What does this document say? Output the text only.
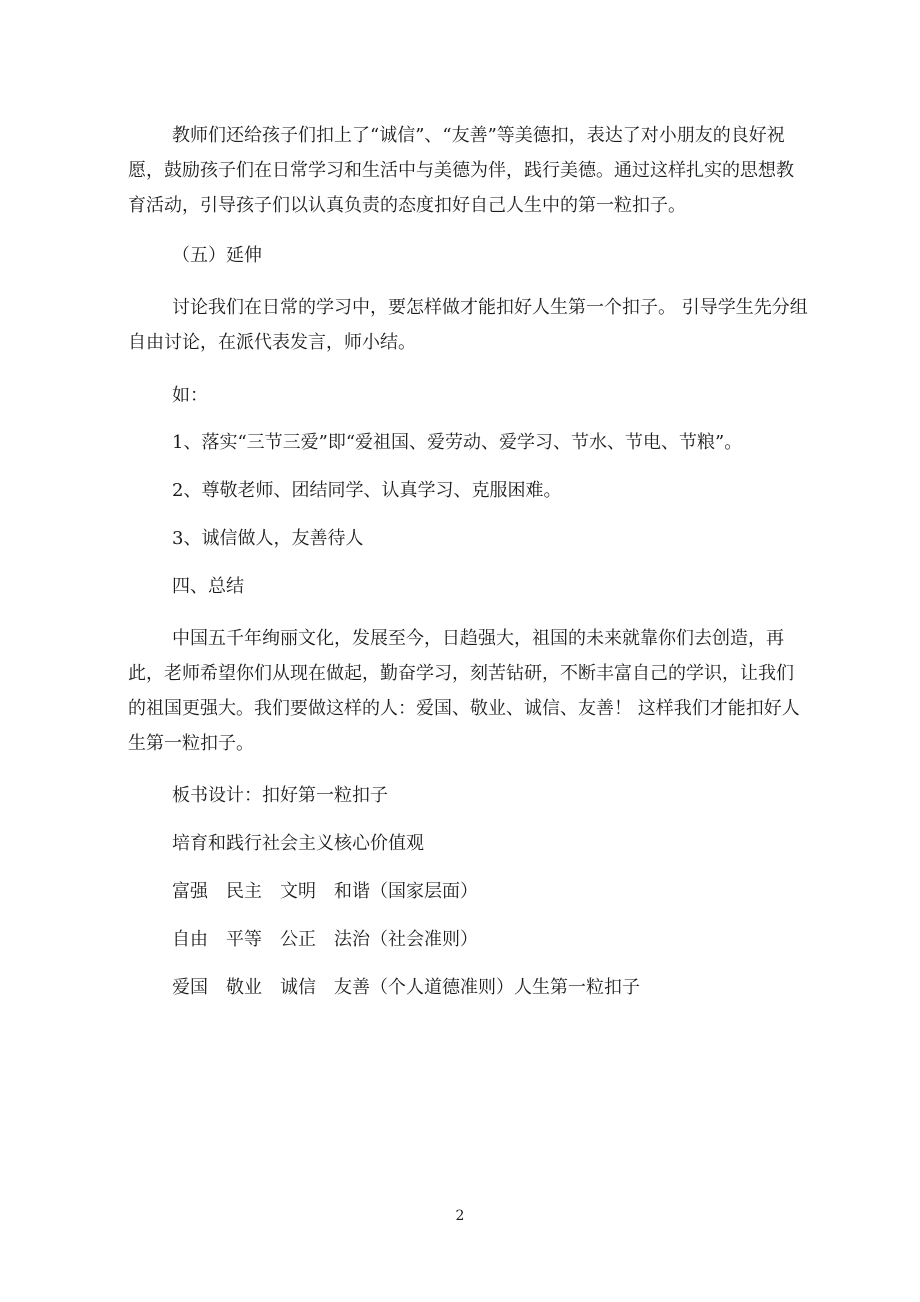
教师们还给孩子们扣上了“诚信”、“友善”等美德扣，表达了对小朋友的良好祝愿，鼓励孩子们在日常学习和生活中与美德为伴，践行美德。通过这样扎实的思想教育活动，引导孩子们以认真负责的态度扣好自己人生中的第一粒扣子。

（五）延伸

讨论我们在日常的学习中，要怎样做才能扣好人生第一个扣子。 引导学生先分组自由讨论，在派代表发言，师小结。

如：

1、落实“三节三爱”即“爱祖国、爱劳动、爱学习、节水、节电、节粮”。

2、尊敬老师、团结同学、认真学习、克服困难。

3、诚信做人，友善待人

四、总结

中国五千年绚丽文化，发展至今，日趋强大，祖国的未来就靠你们去创造，再此，老师希望你们从现在做起，勤奋学习，刻苦钻研，不断丰富自己的学识，让我们的祖国更强大。我们要做这样的人：爱国、敬业、诚信、友善！ 这样我们才能扣好人生第一粒扣子。

板书设计：扣好第一粒扣子

培育和践行社会主义核心价值观

富强　民主　文明　和谐（国家层面）

自由　平等　公正　法治（社会准则）

爱国　敬业　诚信　友善（个人道德准则）人生第一粒扣子

2
